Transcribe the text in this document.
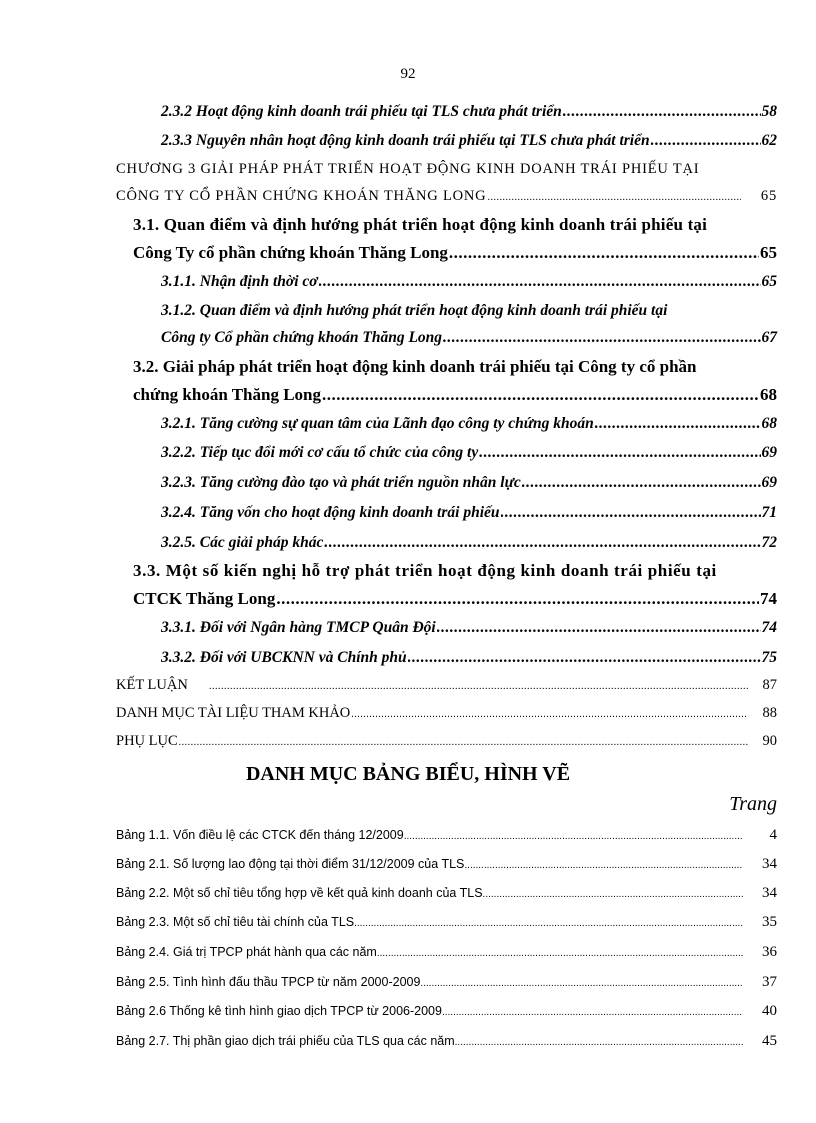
92
2.3.2 Hoạt động kinh doanh trái phiếu tại TLS chưa phát triển .....	58
2.3.3 Nguyên nhân hoạt động kinh doanh trái phiếu tại TLS chưa phát triển .....	62
CHƯƠNG 3 GIẢI PHÁP PHÁT TRIỂN HOẠT ĐỘNG KINH DOANH TRÁI PHIẾU TẠI
CÔNG TY CỔ PHẦN CHỨNG KHOÁN THĂNG LONG .....	65
3.1. Quan điểm và định hướng phát triển hoạt động kinh doanh trái phiếu tại
Công Ty cổ phần chứng khoán Thăng Long .....	65
3.1.1. Nhận định thời cơ .....	65
3.1.2. Quan điểm và định hướng phát triển hoạt động kinh doanh trái phiếu tại
Công ty Cổ phần chứng khoán Thăng Long .....	67
3.2. Giải pháp phát triển hoạt động kinh doanh trái phiếu tại Công ty cổ phần
chứng khoán Thăng Long .....	68
3.2.1. Tăng cường sự quan tâm của Lãnh đạo công ty chứng khoán .....	68
3.2.2. Tiếp tục đổi mới cơ cấu tổ chức của công ty .....	69
3.2.3. Tăng cường đào tạo và phát triển nguồn nhân lực .....	69
3.2.4. Tăng vốn cho hoạt động kinh doanh trái phiếu .....	71
3.2.5. Các giải pháp khác .....	72
3.3. Một số kiến nghị hỗ trợ phát triển hoạt động kinh doanh trái phiếu tại
CTCK Thăng Long .....	74
3.3.1. Đối với Ngân hàng TMCP Quân Đội .....	74
3.3.2. Đối với UBCKNN và Chính phủ .....	75
KẾT LUẬN .....	87
DANH MỤC TÀI LIỆU THAM KHẢO .....	88
PHỤ LỤC .....	90
DANH MỤC BẢNG BIỂU, HÌNH VẼ
Trang
Bảng 1.1. Vốn điều lệ các CTCK đến tháng 12/2009 .....	4
Bảng 2.1. Số lượng lao động tại thời điểm 31/12/2009 của TLS .....	34
Bảng 2.2. Một số chỉ tiêu tổng hợp về kết quả kinh doanh của TLS .....	34
Bảng 2.3. Một số chỉ tiêu tài chính của TLS .....	35
Bảng 2.4. Giá trị TPCP phát hành qua các năm .....	36
Bảng 2.5. Tình hình đấu thầu TPCP từ năm 2000-2009 .....	37
Bảng 2.6 Thống kê tình hình giao dịch TPCP từ 2006-2009 .....	40
Bảng 2.7. Thị phần giao dịch trái phiếu của TLS qua các năm .....	45
